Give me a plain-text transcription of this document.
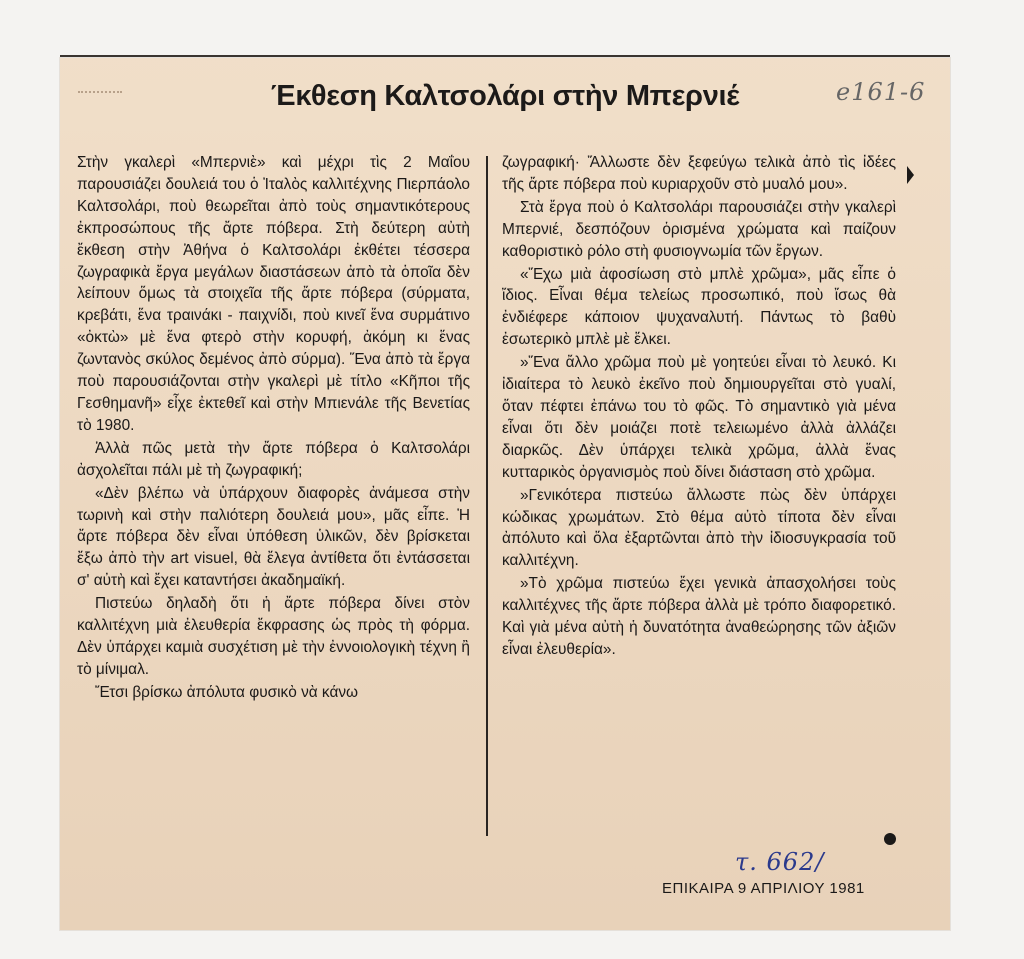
Έκθεση Καλτσολάρι στὴν Μπερνιέ	e161-6

Στὴν γκαλερὶ «Μπερνιὲ» καὶ μέχρι τὶς 2 Μαΐου παρουσιάζει δουλειά του ὁ Ἰταλὸς καλλιτέχνης Πιερπάολο Καλτσολάρι, ποὺ θεωρεῖται ἀπὸ τοὺς σημαντικότερους ἐκπροσώπους τῆς ἄρτε πόβερα. Στὴ δεύτερη αὐτὴ ἔκθεση στὴν Ἀθήνα ὁ Καλτσολάρι ἐκθέτει τέσσερα ζωγραφικὰ ἔργα μεγάλων διαστάσεων ἀπὸ τὰ ὁποῖα δὲν λείπουν ὅμως τὰ στοιχεῖα τῆς ἄρτε πόβερα (σύρματα, κρεβάτι, ἕνα τραινάκι - παιχνίδι, ποὺ κινεῖ ἕνα συρμάτινο «ὀκτὼ» μὲ ἕνα φτερὸ στὴν κορυφή, ἀκόμη κι ἕνας ζωντανὸς σκύλος δεμένος ἀπὸ σύρμα). Ἕνα ἀπὸ τὰ ἔργα ποὺ παρουσιάζονται στὴν γκαλερὶ μὲ τίτλο «Κῆποι τῆς Γεσθημανῆ» εἶχε ἐκτεθεῖ καὶ στὴν Μπιενάλε τῆς Βενετίας τὸ 1980.

Ἀλλὰ πῶς μετὰ τὴν ἄρτε πόβερα ὁ Καλτσολάρι ἀσχολεῖται πάλι μὲ τὴ ζωγραφική;

«Δὲν βλέπω νὰ ὑπάρχουν διαφορὲς ἀνάμεσα στὴν τωρινὴ καὶ στὴν παλιότερη δουλειά μου», μᾶς εἶπε. Ἡ ἄρτε πόβερα δὲν εἶναι ὑπόθεση ὑλικῶν, δὲν βρίσκεται ἔξω ἀπὸ τὴν art visuel, θὰ ἔλεγα ἀντίθετα ὅτι ἐντάσσεται σ' αὐτὴ καὶ ἔχει καταντήσει ἀκαδημαϊκή.

Πιστεύω δηλαδὴ ὅτι ἡ ἄρτε πόβερα δίνει στὸν καλλιτέχνη μιὰ ἐλευθερία ἔκφρασης ὡς πρὸς τὴ φόρμα. Δὲν ὑπάρχει καμιὰ συσχέτιση μὲ τὴν ἐννοιολογικὴ τέχνη ἢ τὸ μίνιμαλ.

Ἔτσι βρίσκω ἀπόλυτα φυσικὸ νὰ κάνω

ζωγραφική· Ἄλλωστε δὲν ξεφεύγω τελικὰ ἀπὸ τὶς ἰδέες τῆς ἄρτε πόβερα ποὺ κυριαρχοῦν στὸ μυαλό μου».

Στὰ ἔργα ποὺ ὁ Καλτσολάρι παρουσιάζει στὴν γκαλερὶ Μπερνιέ, δεσπόζουν ὁρισμένα χρώματα καὶ παίζουν καθοριστικὸ ρόλο στὴ φυσιογνωμία τῶν ἔργων.

«Ἔχω μιὰ ἀφοσίωση στὸ μπλὲ χρῶμα», μᾶς εἶπε ὁ ἴδιος. Εἶναι θέμα τελείως προσωπικό, ποὺ ἴσως θὰ ἐνδιέφερε κάποιον ψυχαναλυτή. Πάντως τὸ βαθὺ ἐσωτερικὸ μπλὲ μὲ ἕλκει.

»Ἕνα ἄλλο χρῶμα ποὺ μὲ γοητεύει εἶναι τὸ λευκό. Κι ἰδιαίτερα τὸ λευκὸ ἐκεῖνο ποὺ δημιουργεῖται στὸ γυαλί, ὅταν πέφτει ἐπάνω του τὸ φῶς. Τὸ σημαντικὸ γιὰ μένα εἶναι ὅτι δὲν μοιάζει ποτὲ τελειωμένο ἀλλὰ ἀλλάζει διαρκῶς. Δὲν ὑπάρχει τελικὰ χρῶμα, ἀλλὰ ἕνας κυτταρικὸς ὀργανισμὸς ποὺ δίνει διάσταση στὸ χρῶμα.

»Γενικότερα πιστεύω ἄλλωστε πὼς δὲν ὑπάρχει κώδικας χρωμάτων. Στὸ θέμα αὐτὸ τίποτα δὲν εἶναι ἀπόλυτο καὶ ὅλα ἐξαρτῶνται ἀπὸ τὴν ἰδιοσυγκρασία τοῦ καλλιτέχνη.

»Τὸ χρῶμα πιστεύω ἔχει γενικὰ ἀπασχολήσει τοὺς καλλιτέχνες τῆς ἄρτε πόβερα ἀλλὰ μὲ τρόπο διαφορετικό. Καὶ γιὰ μένα αὐτὴ ἡ δυνατότητα ἀναθεώρησης τῶν ἀξιῶν εἶναι ἐλευθερία».

τ. 662/
ΕΠΙΚΑΙΡΑ 9 ΑΠΡΙΛΙΟΥ 1981
